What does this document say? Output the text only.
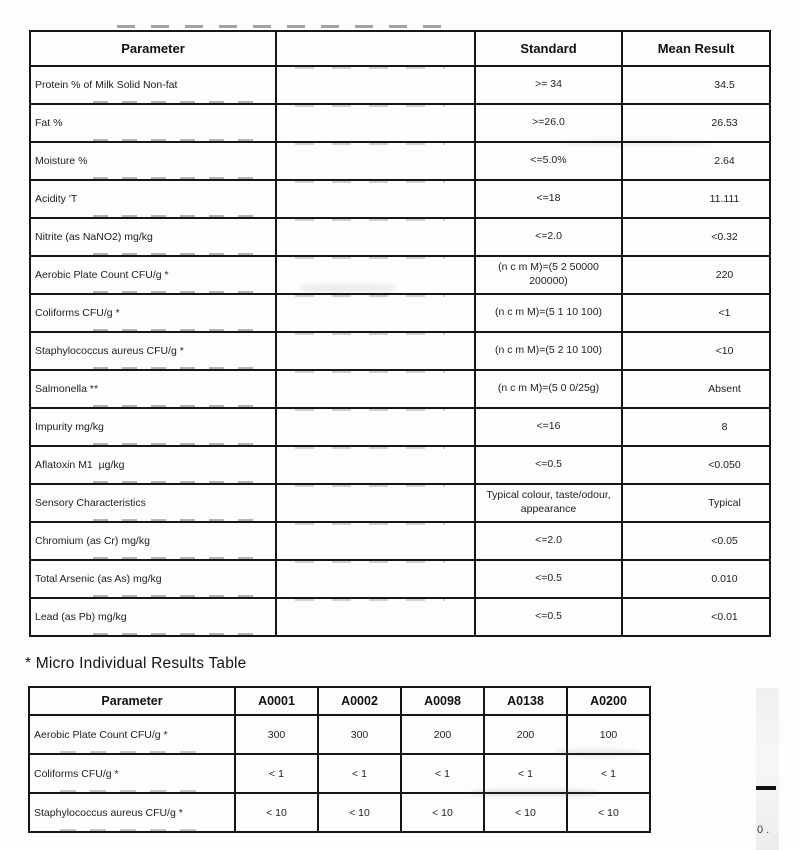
Parameter		Standard	Mean Result
Protein % of Milk Solid Non-fat		>= 34	34.5
Fat %		>=26.0	26.53
Moisture %		<=5.0%	2.64
Acidity 'T		<=18	11.111
Nitrite (as NaNO2) mg/kg		<=2.0	<0.32
Aerobic Plate Count CFU/g *		(n c m M)=(5 2 50000 200000)	220
Coliforms CFU/g *		(n c m M)=(5 1 10 100)	<1
Staphylococcus aureus CFU/g *		(n c m M)=(5 2 10 100)	<10
Salmonella **		(n c m M)=(5 0 0/25g)	Absent
Impurity mg/kg		<=16	8
Aflatoxin M1  µg/kg		<=0.5	<0.050
Sensory Characteristics		Typical colour, taste/odour, appearance	Typical
Chromium (as Cr) mg/kg		<=2.0	<0.05
Total Arsenic (as As) mg/kg		<=0.5	0.010
Lead (as Pb) mg/kg		<=0.5	<0.01
* Micro Individual Results Table
Parameter	A0001	A0002	A0098	A0138	A0200
Aerobic Plate Count CFU/g *	300	300	200	200	100
Coliforms CFU/g *	< 1	< 1	< 1	< 1	< 1
Staphylococcus aureus CFU/g *	< 10	< 10	< 10	< 10	< 10
0 .
